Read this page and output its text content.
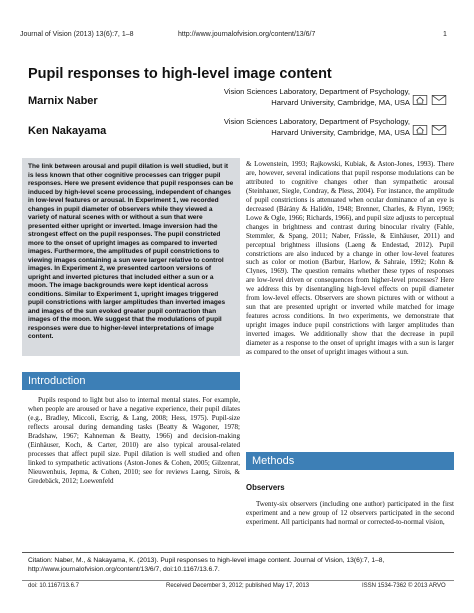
Journal of Vision (2013) 13(6):7, 1–8	http://www.journalofvision.org/content/13/6/7	1
Pupil responses to high-level image content
Marnix Naber
Vision Sciences Laboratory, Department of Psychology,
Harvard University, Cambridge, MA, USA
Ken Nakayama
Vision Sciences Laboratory, Department of Psychology,
Harvard University, Cambridge, MA, USA
The link between arousal and pupil dilation is well studied, but it is less known that other cognitive processes can trigger pupil responses. Here we present evidence that pupil responses can be induced by high-level scene processing, independent of changes in low-level features or arousal. In Experiment 1, we recorded changes in pupil diameter of observers while they viewed a variety of natural scenes with or without a sun that were presented either upright or inverted. Image inversion had the strongest effect on the pupil responses. The pupil constricted more to the onset of upright images as compared to inverted images. Furthermore, the amplitudes of pupil constrictions to viewing images containing a sun were larger relative to control images. In Experiment 2, we presented cartoon versions of upright and inverted pictures that included either a sun or a moon. The image backgrounds were kept identical across conditions. Similar to Experiment 1, upright images triggered pupil constrictions with larger amplitudes than inverted images and images of the sun evoked greater pupil contraction than images of the moon. We suggest that the modulations of pupil responses were due to higher-level interpretations of image content.
Introduction

Pupils respond to light but also to internal mental states. For example, when people are aroused or have a negative experience, their pupil dilates (e.g., Bradley, Miccoli, Escrig, & Lang, 2008; Hess, 1975). Pupil-size reflects arousal during demanding tasks (Beatty & Wagoner, 1978; Bradshaw, 1967; Kahneman & Beatty, 1966) and decision-making (Einhäuser, Koch, & Carter, 2010) are also typical arousal-related processes that affect pupil size. Pupil dilation is well studied and often linked to sympathetic activations (Aston-Jones & Cohen, 2005; Gilzenrat, Nieuwenhuis, Jepma, & Cohen, 2010; see for reviews Laeng, Sirois, & Gredebäck, 2012; Loewenfeld

& Lowenstein, 1993; Rajkowski, Kubiak, & Aston-Jones, 1993). There are, however, several indications that pupil response modulations can be attributed to cognitive changes other than sympathetic arousal (Steinhauer, Siegle, Condray, & Pless, 2004). For instance, the amplitude of pupil constrictions is attenuated when ocular dominance of an eye is decreased (Bárány & Halidén, 1948; Brenner, Charles, & Flynn, 1969; Lowe & Ogle, 1966; Richards, 1966), and pupil size adjusts to perceptual changes in brightness and contrast during binocular rivalry (Fahle, Stemmler, & Spang, 2011; Naber, Frässle, & Einhäuser, 2011) and perceptual brightness illusions (Laeng & Endestad, 2012). Pupil constrictions are also induced by a change in other low-level features such as color or motion (Barbur, Harlow, & Sahraie, 1992; Kohn & Clynes, 1969). The question remains whether these types of responses are low-level driven or consequences from higher-level processes? Here we address this by disentangling high-level effects on pupil diameter from low-level effects. Observers are shown pictures with or without a sun that are presented upright or inverted while matched for image features across conditions. In two experiments, we demonstrate that upright images induce pupil constrictions with larger amplitudes than inverted images. We additionally show that the decrease in pupil diameter as a response to the onset of upright images with a sun is larger as compared to the onset of upright images without a sun.

Methods
Observers

Twenty-six observers (including one author) participated in the first experiment and a new group of 12 observers participated in the second experiment. All participants had normal or corrected-to-normal vision,

Citation: Naber, M., & Nakayama, K. (2013). Pupil responses to high-level image content. Journal of Vision, 13(6):7, 1–8, http://www.journalofvision.org/content/13/6/7, doi:10.1167/13.6.7.
doi: 10.1167/13.6.7	Received December 3, 2012; published May 17, 2013	ISSN 1534-7362 © 2013 ARVO
